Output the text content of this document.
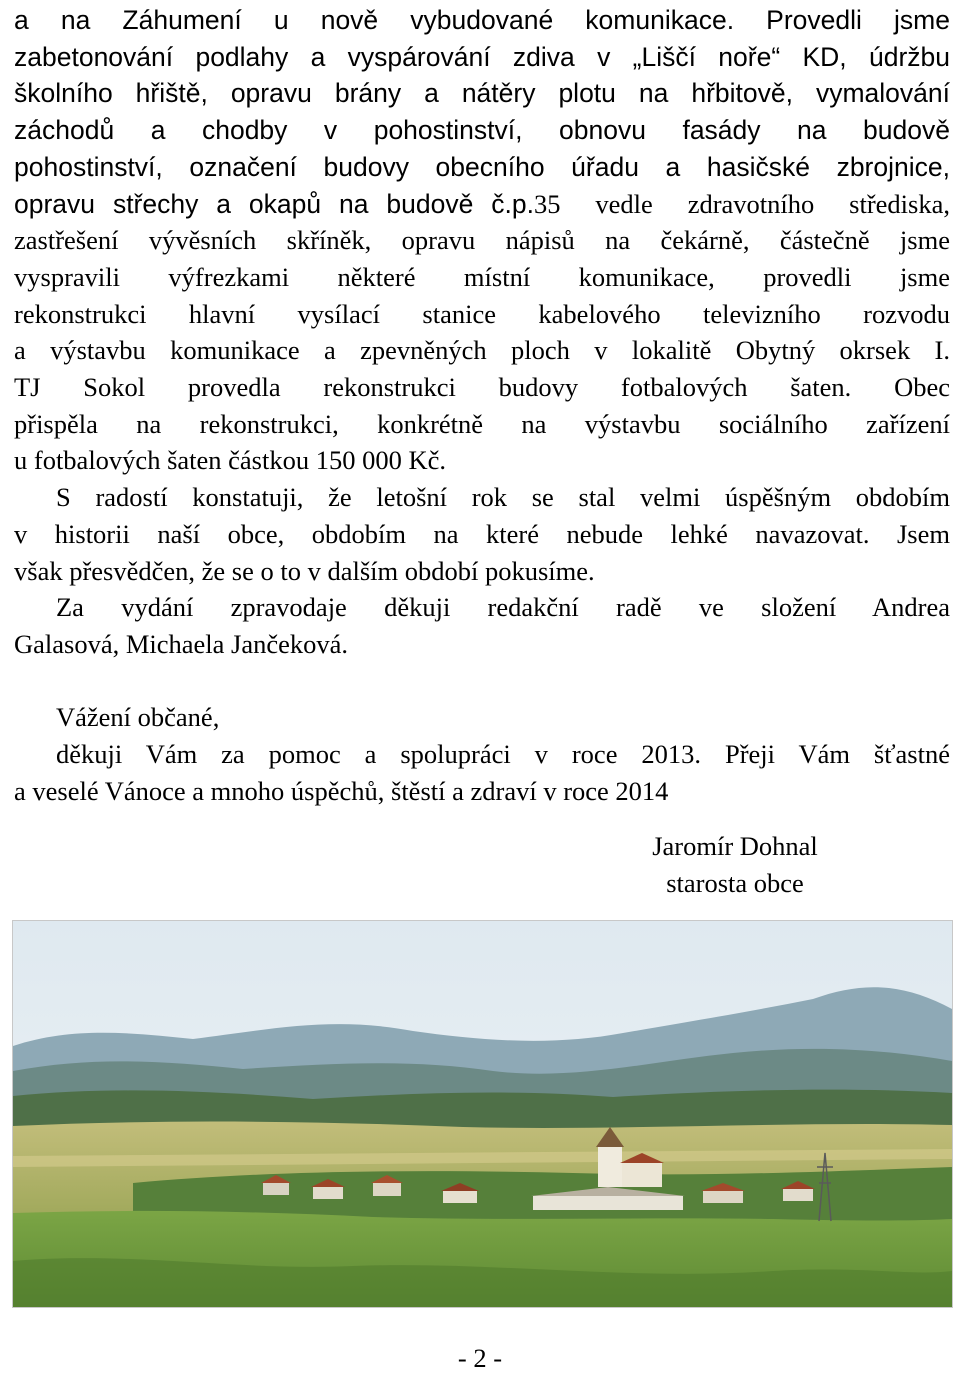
a na Záhumení u nově vybudované komunikace. Provedli jsme
zabetonování podlahy a vyspárování zdiva v „Liščí noře“ KD, údržbu
školního hřiště, opravu brány a nátěry plotu na hřbitově, vymalování
záchodů a chodby v pohostinství, obnovu fasády na budově
pohostinství, označení budovy obecního úřadu a hasičské zbrojnice,
opravu střechy a okapů na budově č.p.35 vedle zdravotního střediska,
zastřešení vývěsních skříněk, opravu nápisů na čekárně, částečně jsme
vyspravili výfrezkami některé místní komunikace, provedli jsme
rekonstrukci hlavní vysílací stanice kabelového televizního rozvodu
a výstavbu komunikace a zpevněných ploch v lokalitě Obytný okrsek I.
TJ Sokol provedla rekonstrukci budovy fotbalových šaten. Obec
přispěla na rekonstrukci, konkrétně na výstavbu sociálního zařízení
u fotbalových šaten částkou 150 000 Kč.
S radostí konstatuji, že letošní rok se stal velmi úspěšným obdobím
v historii naší obce, obdobím na které nebude lehké navazovat. Jsem
však přesvědčen, že se o to v dalším období pokusíme.
Za vydání zpravodaje děkuji redakční radě ve složení Andrea
Galasová, Michaela Jančeková.
Vážení občané,
děkuji Vám za pomoc a spolupráci v roce 2013. Přeji Vám šťastné
a veselé Vánoce a mnoho úspěchů, štěstí a zdraví v roce 2014
Jaromír Dohnal
starosta obce
- 2 -
